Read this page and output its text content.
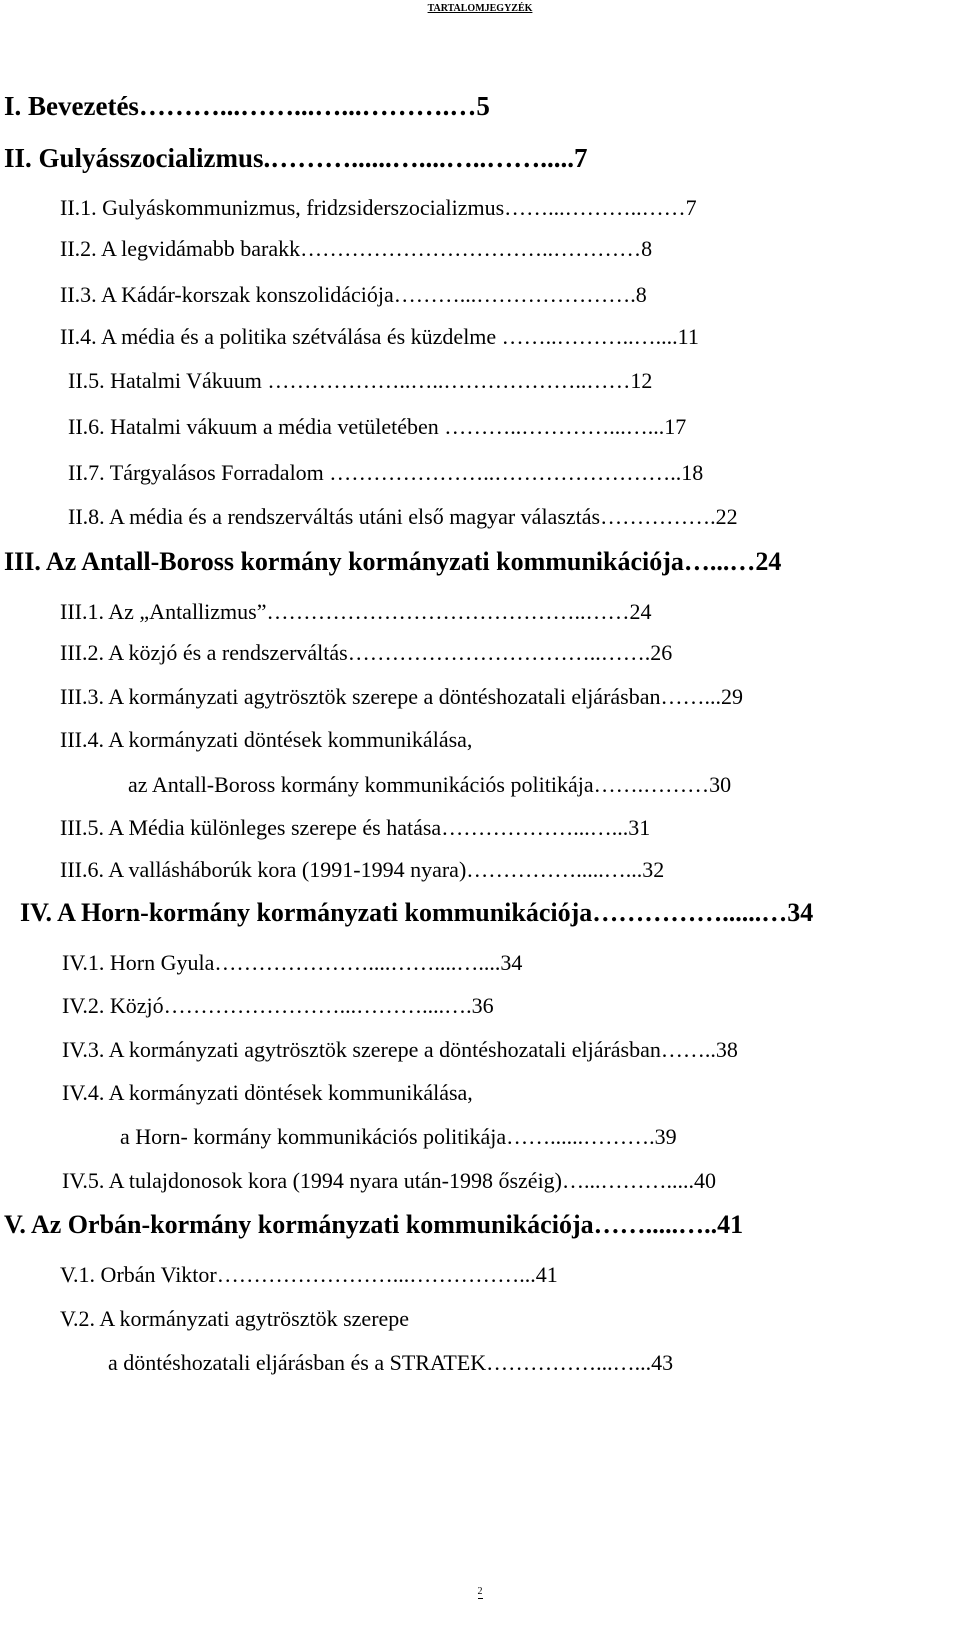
TARTALOMJEGYZÉK
I. Bevezetés………...……...…...……….…5
II. Gulyásszocializmus.………......…....…..…….....7
II.1. Gulyáskommunizmus, fridzsiderszocializmus……...………..……7
II.2. A legvidámabb barakk……………………………..…………8
II.3. A Kádár-korszak konszolidációja………...………………….8
II.4. A média és a politika szétválása és küzdelme ……..………..…....11
II.5. Hatalmi Vákuum ………………..…..………………..……12
II.6. Hatalmi vákuum a média vetületében ………..…………...…...17
II.7. Tárgyalásos Forradalom …………………..……………………..18
II.8. A média és a rendszerváltás utáni első magyar választás…………….22
III. Az Antall-Boross kormány kormányzati kommunikációja…...…24
III.1. Az „Antallizmus”……………………………………..……24
III.2. A közjó és a rendszerváltás……………………………..…….26
III.3. A kormányzati agytrösztök szerepe a döntéshozatali eljárásban……...29
III.4. A kormányzati döntések kommunikálása,
az Antall-Boross kormány kommunikációs politikája…….………30
III.5. A Média különleges szerepe és hatása………………...…...31
III.6. A vallásháborúk kora (1991-1994 nyara)…………….....…...32
IV. A Horn-kormány kormányzati kommunikációja……………......…34
IV.1. Horn Gyula…………………....……....…....34
IV.2. Közjó……………………...………....….36
IV.3. A kormányzati agytrösztök szerepe a döntéshozatali eljárásban……..38
IV.4. A kormányzati döntések kommunikálása,
a Horn- kormány kommunikációs politikája……......……….39
IV.5. A tulajdonosok kora (1994 nyara után-1998 őszéig)…...……….....40
V. Az Orbán-kormány kormányzati kommunikációja…….....…..41
V.1. Orbán Viktor……………………...……………...41
V.2. A kormányzati agytrösztök szerepe
a döntéshozatali eljárásban és a STRATEK……………...…...43
2
